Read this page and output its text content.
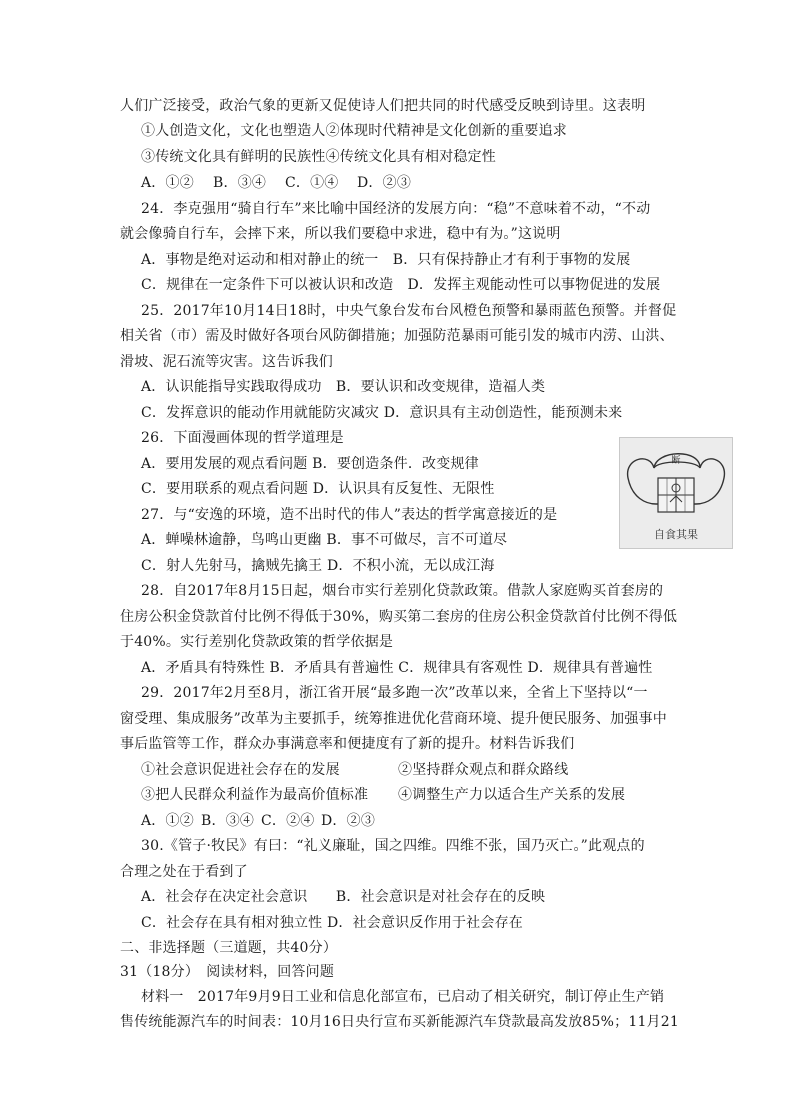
人们广泛接受，政治气象的更新又促使诗人们把共同的时代感受反映到诗里。这表明
①人创造文化，文化也塑造人②体现时代精神是文化创新的重要追求
③传统文化具有鲜明的民族性④传统文化具有相对稳定性
A．①② B．③④ C．①④ D．②③
24．李克强用“骑自行车”来比喻中国经济的发展方向：“稳”不意味着不动，“不动
就会像骑自行车，会摔下来，所以我们要稳中求进，稳中有为。”这说明
A．事物是绝对运动和相对静止的统一　B．只有保持静止才有利于事物的发展
C．规律在一定条件下可以被认识和改造　D．发挥主观能动性可以事物促进的发展
25．2017年10月14日18时，中央气象台发布台风橙色预警和暴雨蓝色预警。并督促
相关省（市）需及时做好各项台风防御措施；加强防范暴雨可能引发的城市内涝、山洪、
滑坡、泥石流等灾害。这告诉我们
A．认识能指导实践取得成功　B．要认识和改变规律，造福人类
C．发挥意识的能动作用就能防灾减灾 D．意识具有主动创造性，能预测未来
26．下面漫画体现的哲学道理是
A．要用发展的观点看问题 B．要创造条件．改变规律
C．要用联系的观点看问题 D．认识具有反复性、无限性
27．与“安逸的环境，造不出时代的伟人”表达的哲学寓意接近的是
A．蝉噪林逾静，鸟鸣山更幽 B．事不可做尽，言不可道尽
C．射人先射马，擒贼先擒王 D．不积小流，无以成江海
28．自2017年8月15日起，烟台市实行差别化贷款政策。借款人家庭购买首套房的
住房公积金贷款首付比例不得低于30%，购买第二套房的住房公积金贷款首付比例不得低
于40%。实行差别化贷款政策的哲学依据是
A．矛盾具有特殊性 B．矛盾具有普遍性 C．规律具有客观性 D．规律具有普遍性
29．2017年2月至8月，浙江省开展“最多跑一次”改革以来，全省上下坚持以“一
窗受理、集成服务”改革为主要抓手，统筹推进优化营商环境、提升便民服务、加强事中
事后监管等工作，群众办事满意率和便捷度有了新的提升。材料告诉我们
①社会意识促进社会存在的发展	②坚持群众观点和群众路线
③把人民群众利益作为最高价值标准 ④调整生产力以适合生产关系的发展
A．①② B．③④ C．②④ D．②③
30.《管子·牧民》有曰：“礼义廉耻，国之四维。四维不张，国乃灭亡。”此观点的
合理之处在于看到了
A．社会存在决定社会意识　　B．社会意识是对社会存在的反映
C．社会存在具有相对独立性 D．社会意识反作用于社会存在
二、非选择题（三道题，共40分）
31（18分）　阅读材料，回答问题
材料一　2017年9月9日工业和信息化部宣布，已启动了相关研究，制订停止生产销
售传统能源汽车的时间表：10月16日央行宣布买新能源汽车贷款最高发放85%；11月21
断
自食其果
